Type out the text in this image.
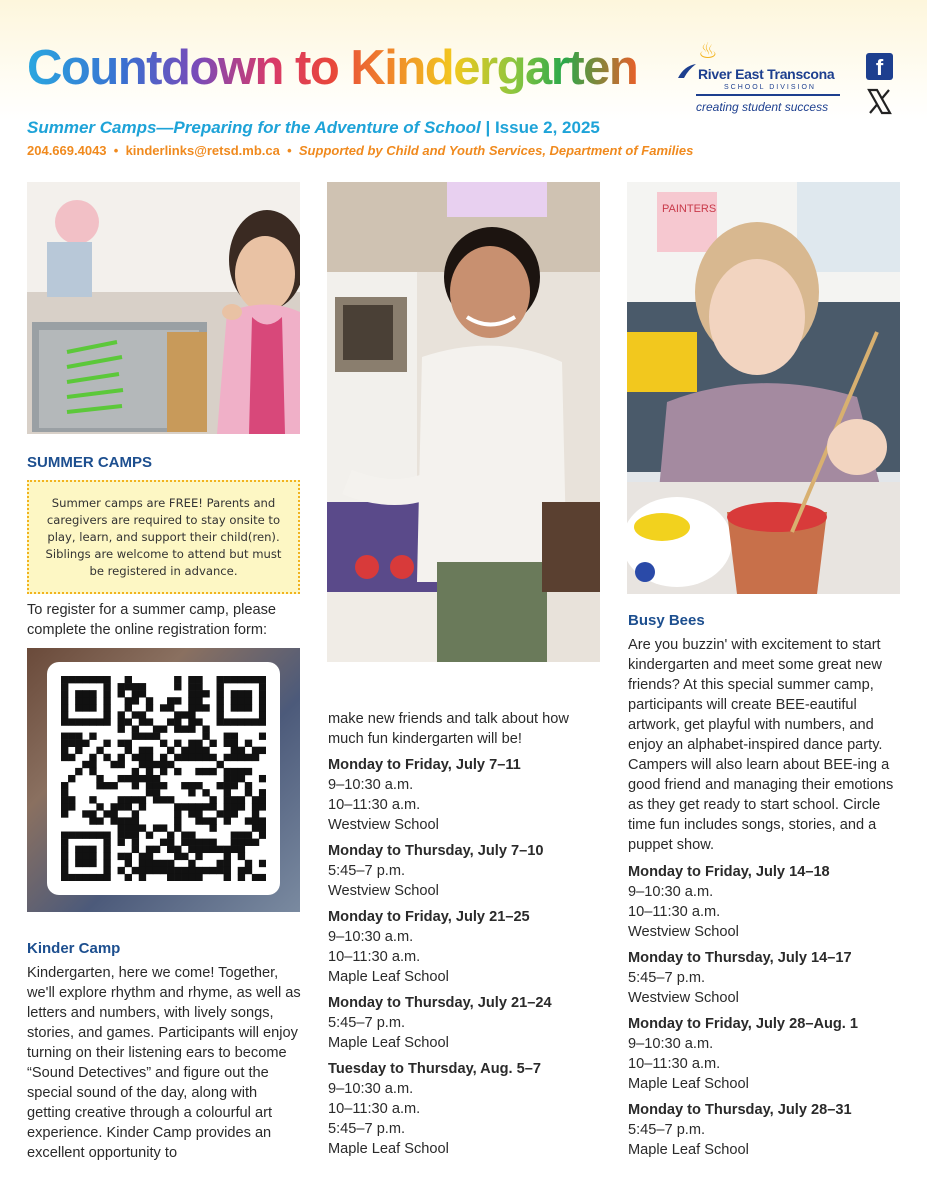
Countdown to Kindergarten
Summer Camps—Preparing for the Adventure of School | Issue 2, 2025
204.669.4043 • kinderlinks@retsd.mb.ca • Supported by Child and Youth Services, Department of Families
♨
River East Transcona
SCHOOL DIVISION
creating student success
f
PAINTERS
SUMMER CAMPS
Summer camps are FREE! Parents and caregivers are required to stay onsite to play, learn, and support their child(ren). Siblings are welcome to attend but must be registered in advance.
To register for a summer camp, please
complete the online registration form:
Kinder Camp
Kindergarten, here we come! Together, we'll explore rhythm and rhyme, as well as letters and numbers, with lively songs, stories, and games. Participants will enjoy turning on their listening ears to become “Sound Detectives” and figure out the special sound of the day, along with getting creative through a colourful art experience. Kinder Camp provides an excellent opportunity to
make new friends and talk about how much fun kindergarten will be!
Monday to Friday, July 7–11
9–10:30 a.m.
10–11:30 a.m.
Westview School
Monday to Thursday, July 7–10
5:45–7 p.m.
Westview School
Monday to Friday, July 21–25
9–10:30 a.m.
10–11:30 a.m.
Maple Leaf School
Monday to Thursday, July 21–24
5:45–7 p.m.
Maple Leaf School
Tuesday to Thursday, Aug. 5–7
9–10:30 a.m.
10–11:30 a.m.
5:45–7 p.m.
Maple Leaf School
Busy Bees
Are you buzzin' with excitement to start kindergarten and meet some great new friends? At this special summer camp, participants will create BEE-eautiful artwork, get playful with numbers, and enjoy an alphabet-inspired dance party. Campers will also learn about BEE-ing a good friend and managing their emotions as they get ready to start school. Circle time fun includes songs, stories, and a puppet show.
Monday to Friday, July 14–18
9–10:30 a.m.
10–11:30 a.m.
Westview School
Monday to Thursday, July 14–17
5:45–7 p.m.
Westview School
Monday to Friday, July 28–Aug. 1
9–10:30 a.m.
10–11:30 a.m.
Maple Leaf School
Monday to Thursday, July 28–31
5:45–7 p.m.
Maple Leaf School
